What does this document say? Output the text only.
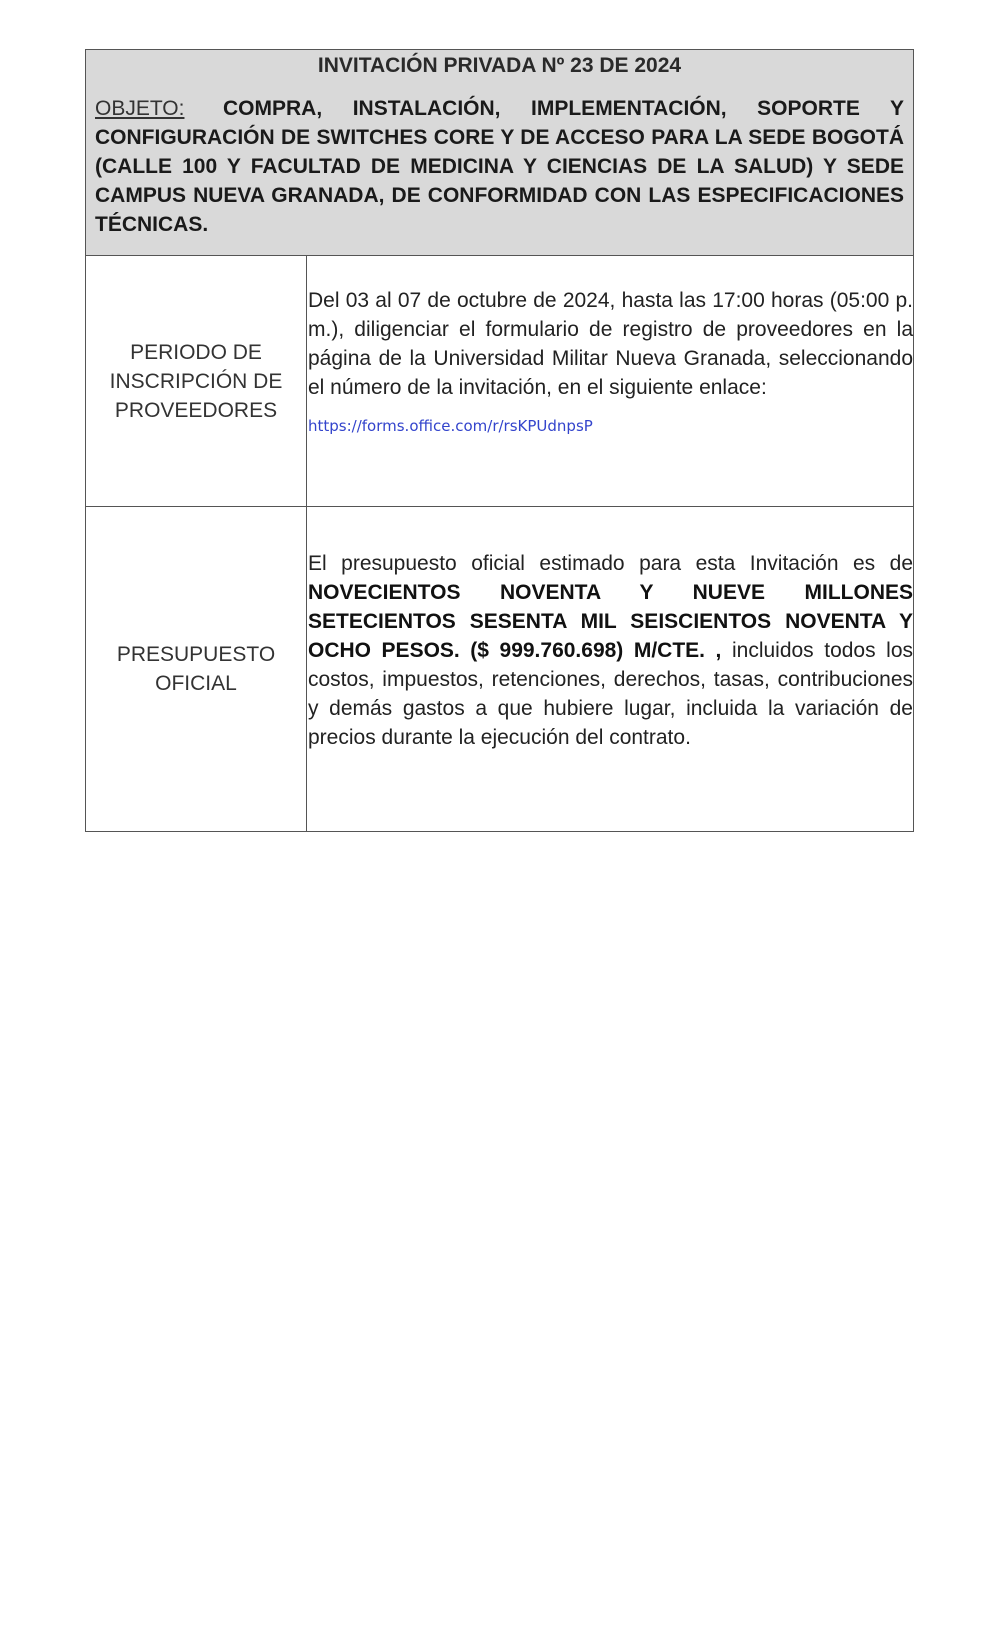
INVITACIÓN PRIVADA Nº 23 DE 2024

OBJETO: COMPRA, INSTALACIÓN, IMPLEMENTACIÓN, SOPORTE Y CONFIGURACIÓN DE SWITCHES CORE Y DE ACCESO PARA LA SEDE BOGOTÁ (CALLE 100 Y FACULTAD DE MEDICINA Y CIENCIAS DE LA SALUD) Y SEDE CAMPUS NUEVA GRANADA, DE CONFORMIDAD CON LAS ESPECIFICACIONES TÉCNICAS.

PERIODO DE
INSCRIPCIÓN DE
PROVEEDORES
Del 03 al 07 de octubre de 2024, hasta las 17:00 horas (05:00 p. m.), diligenciar el formulario de registro de proveedores en la página de la Universidad Militar Nueva Granada, seleccionando el número de la invitación, en el siguiente enlace:
https://forms.office.com/r/rsKPUdnpsP
PRESUPUESTO
OFICIAL
El presupuesto oficial estimado para esta Invitación es de NOVECIENTOS NOVENTA Y NUEVE MILLONES SETECIENTOS SESENTA MIL SEISCIENTOS NOVENTA Y OCHO PESOS. ($ 999.760.698) M/CTE. , incluidos todos los costos, impuestos, retenciones, derechos, tasas, contribuciones y demás gastos a que hubiere lugar, incluida la variación de precios durante la ejecución del contrato.
